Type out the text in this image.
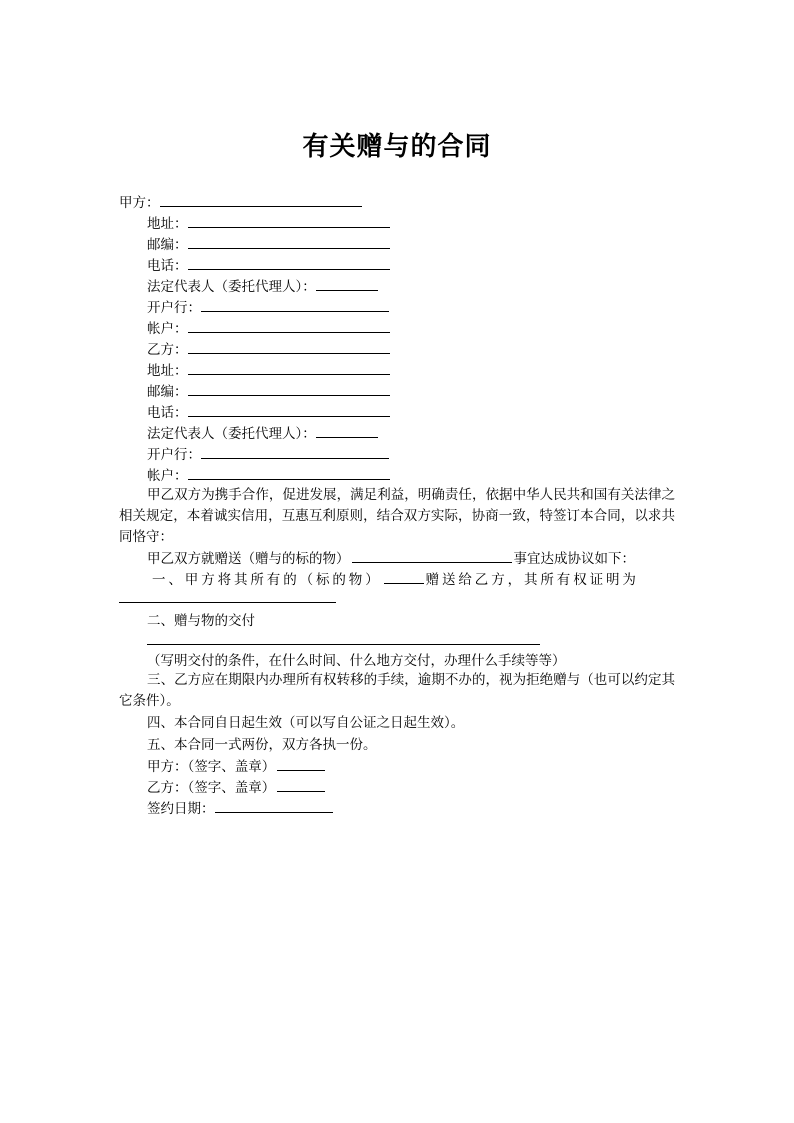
有关赠与的合同
甲方：
地址：
邮编：
电话：
法定代表人（委托代理人）：
开户行：
帐户：
乙方：
地址：
邮编：
电话：
法定代表人（委托代理人）：
开户行：
帐户：
甲乙双方为携手合作，促进发展，满足利益，明确责任，依据中华人民共和国有关法律之相关规定，本着诚实信用，互惠互利原则，结合双方实际，协商一致，特签订本合同，以求共同恪守：
甲乙双方就赠送（赠与的标的物）	事宜达成协议如下：
一、甲方将其所有的（标的物）	赠送给乙方，其所有权证明为
二、赠与物的交付
（写明交付的条件，在什么时间、什么地方交付，办理什么手续等等）
三、乙方应在期限内办理所有权转移的手续，逾期不办的，视为拒绝赠与（也可以约定其它条件）。
四、本合同自日起生效（可以写自公证之日起生效）。
五、本合同一式两份，双方各执一份。
甲方：（签字、盖章）
乙方：（签字、盖章）
签约日期：
